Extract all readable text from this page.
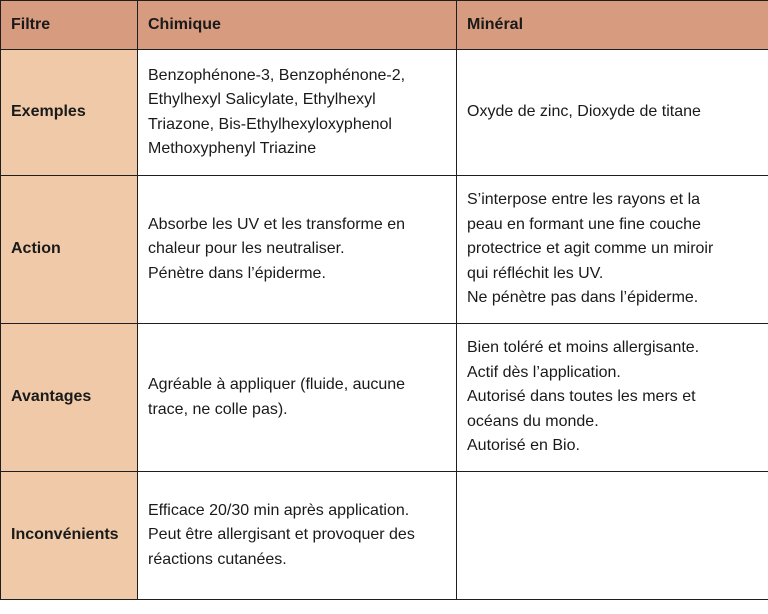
Filtre	Chimique	Minéral
Exemples	Benzophénone-3, Benzophénone-2,
Ethylhexyl Salicylate, Ethylhexyl
Triazone, Bis-Ethylhexyloxyphenol
Methoxyphenyl Triazine	Oxyde de zinc, Dioxyde de titane

Action	Absorbe les UV et les transforme en
chaleur pour les neutraliser.
Pénètre dans l’épiderme.	S’interpose entre les rayons et la
peau en formant une fine couche
protectrice et agit comme un miroir
qui réfléchit les UV.
Ne pénètre pas dans l’épiderme.

Avantages	Agréable à appliquer (fluide, aucune
trace, ne colle pas).	Bien toléré et moins allergisante.
Actif dès l’application.
Autorisé dans toutes les mers et
océans du monde.
Autorisé en Bio.

Inconvénients	Efficace 20/30 min après application.
Peut être allergisant et provoquer des
réactions cutanées.	
